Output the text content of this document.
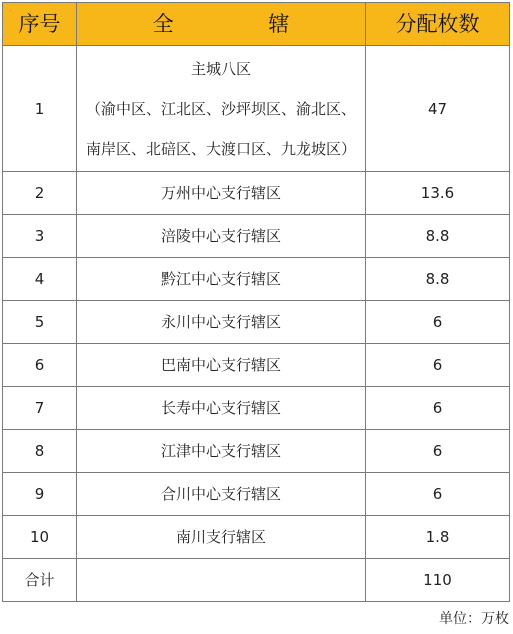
序号	全 辖	分配枚数
1	主城八区
（渝中区、江北区、沙坪坝区、渝北区、
南岸区、北碚区、大渡口区、九龙坡区）	47
2	万州中心支行辖区	13.6
3	涪陵中心支行辖区	8.8
4	黔江中心支行辖区	8.8
5	永川中心支行辖区	6
6	巴南中心支行辖区	6
7	长寿中心支行辖区	6
8	江津中心支行辖区	6
9	合川中心支行辖区	6
10	南川支行辖区	1.8
合计		110
单位：万枚
